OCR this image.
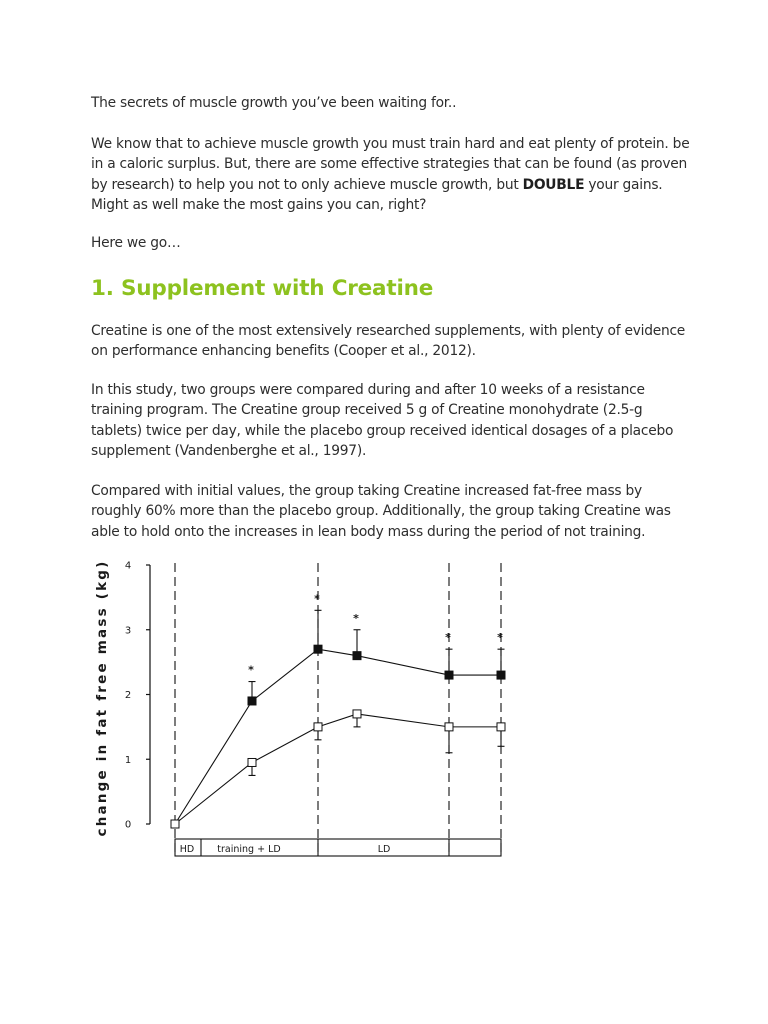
The secrets of muscle growth you’ve been waiting for..

We know that to achieve muscle growth you must train hard and eat plenty of protein. be in a caloric surplus. But, there are some effective strategies that can be found (as proven by research) to help you not to only achieve muscle growth, but DOUBLE your gains. Might as well make the most gains you can, right?

Here we go…

1. Supplement with Creatine

Creatine is one of the most extensively researched supplements, with plenty of evidence on performance enhancing benefits (Cooper et al., 2012).

In this study, two groups were compared during and after 10 weeks of a resistance training program. The Creatine group received 5 g of Creatine monohydrate (2.5-g tablets) twice per day, while the placebo group received identical dosages of a placebo supplement (Vandenberghe et al., 1997).

Compared with initial values, the group taking Creatine increased fat-free mass by roughly 60% more than the placebo group. Additionally, the group taking Creatine was able to hold onto the increases in lean body mass during the period of not training.

0
1
2
3
4
change in fat free mass (kg)
HD training + LD	LD
*
*
*
*	*
